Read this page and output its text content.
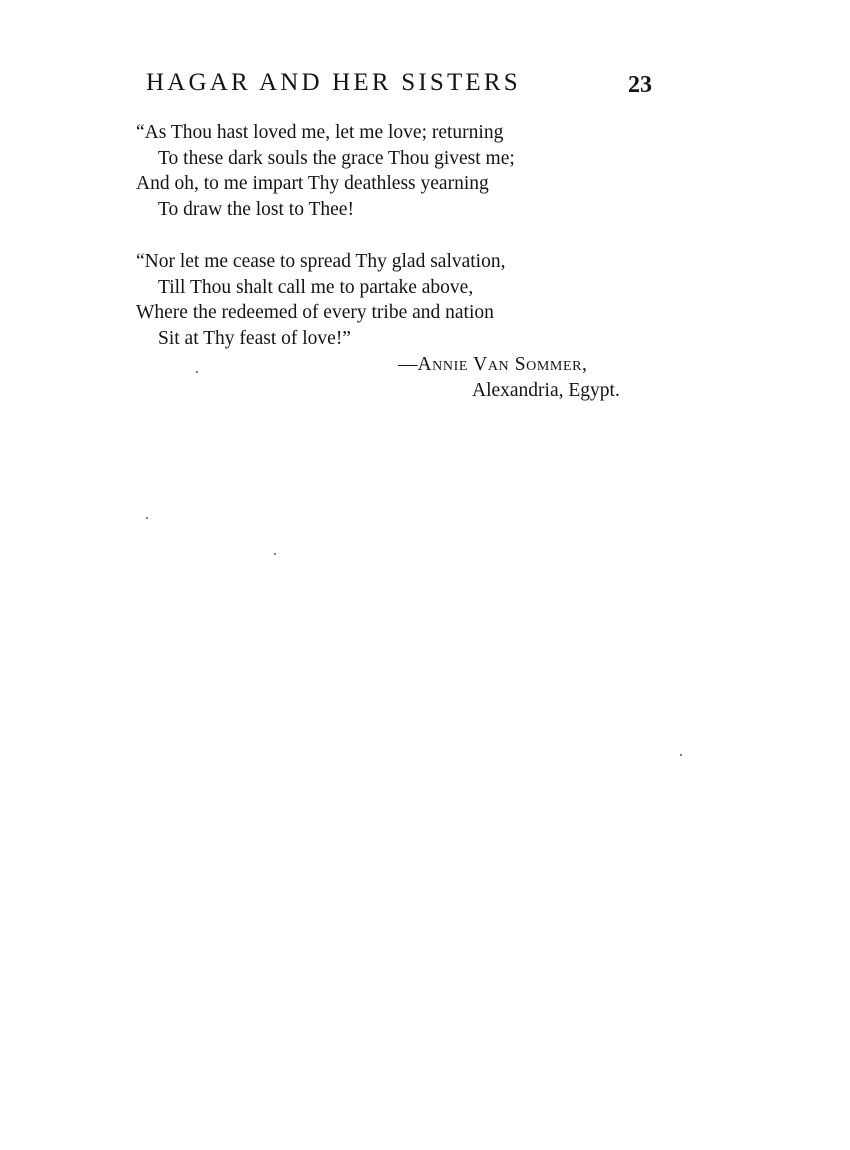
HAGAR AND HER SISTERS	23
“As Thou hast loved me, let me love; returning
To these dark souls the grace Thou givest me;
And oh, to me impart Thy deathless yearning
To draw the lost to Thee!
“Nor let me cease to spread Thy glad salvation,
Till Thou shalt call me to partake above,
Where the redeemed of every tribe and nation
Sit at Thy feast of love!”
—Annie Van Sommer,
Alexandria, Egypt.
